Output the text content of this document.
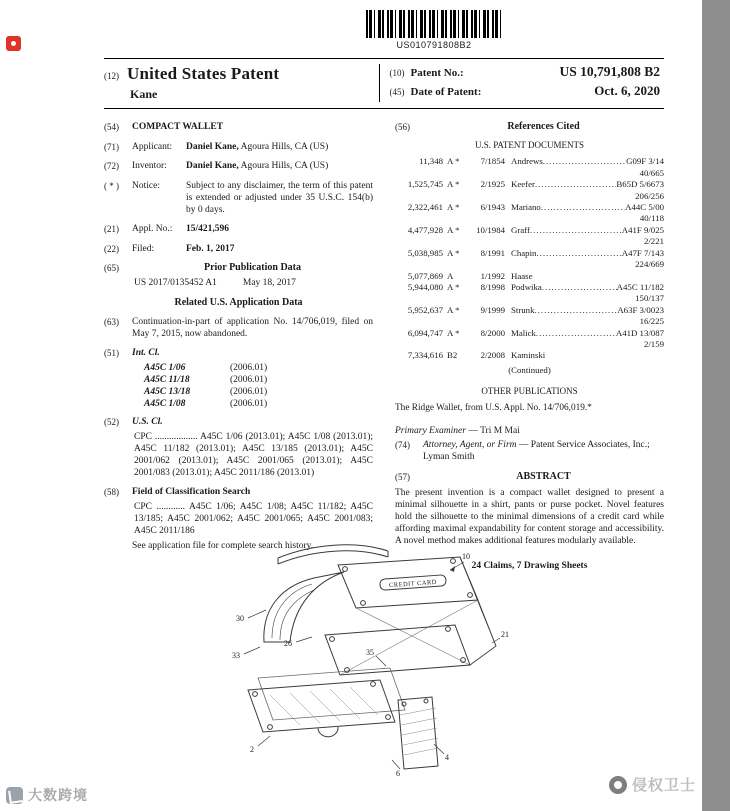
US010791808B2
(12) United States Patent
Kane
(10) Patent No.:	US 10,791,808 B2
(45) Date of Patent:	Oct. 6, 2020
(54)	COMPACT WALLET
(71)	Applicant:	Daniel Kane, Agoura Hills, CA (US)
(72)	Inventor:	Daniel Kane, Agoura Hills, CA (US)
( * )	Notice:	Subject to any disclaimer, the term of this patent is extended or adjusted under 35 U.S.C. 154(b) by 0 days.
(21)	Appl. No.:	15/421,596
(22)	Filed:	Feb. 1, 2017
(65)	Prior Publication Data
US 2017/0135452 A1	May 18, 2017
Related U.S. Application Data
(63)	Continuation-in-part of application No. 14/706,019, filed on May 7, 2015, now abandoned.
(51)	Int. Cl.
A45C 1/06	(2006.01)
A45C 11/18	(2006.01)
A45C 13/18	(2006.01)
A45C 1/08	(2006.01)
(52)	U.S. Cl.
CPC .................. A45C 1/06 (2013.01); A45C 1/08 (2013.01); A45C 11/182 (2013.01); A45C 13/185 (2013.01); A45C 2001/062 (2013.01); A45C 2001/065 (2013.01); A45C 2001/083 (2013.01); A45C 2011/186 (2013.01)
(58)	Field of Classification Search
CPC ............ A45C 1/06; A45C 1/08; A45C 11/182; A45C 13/185; A45C 2001/062; A45C 2001/065; A45C 2001/083; A45C 2011/186
See application file for complete search history.
(56)	References Cited
U.S. PATENT DOCUMENTS
11,348 A *	7/1854 Andrews .....	G09F 3/14
40/665
1,525,745 A *	2/1925 Keefer .....	B65D 5/6673
206/256
2,322,461 A *	6/1943 Mariano .....	A44C 5/00
40/118
4,477,928 A *	10/1984 Graff .....	A41F 9/025
2/221
5,038,985 A *	8/1991 Chapin .....	A47F 7/143
224/669
5,077,869 A	1/1992 Haase
5,944,080 A *	8/1998 Podwika .....	A45C 11/182
150/137
5,952,637 A *	9/1999 Strunk .....	A63F 3/0023
16/225
6,094,747 A *	8/2000 Malick .....	A41D 13/087
2/159
7,334,616 B2	2/2008 Kaminski
(Continued)
OTHER PUBLICATIONS
The Ridge Wallet, from U.S. Appl. No. 14/706,019.*
Primary Examiner — Tri M Mai
(74)	Attorney, Agent, or Firm — Patent Service Associates, Inc.; Lyman Smith
(57)	ABSTRACT
The present invention is a compact wallet designed to present a minimal silhouette in a shirt, pants or purse pocket. Novel features hold the silhouette to the minimal dimensions of a credit card while affording maximal expandability for content storage and accessibility. A novel method makes additional features modularly available.
24 Claims, 7 Drawing Sheets
CREDIT CARD
30
33
26
35
10
21
2
4
6
大数跨境
侵权卫士
